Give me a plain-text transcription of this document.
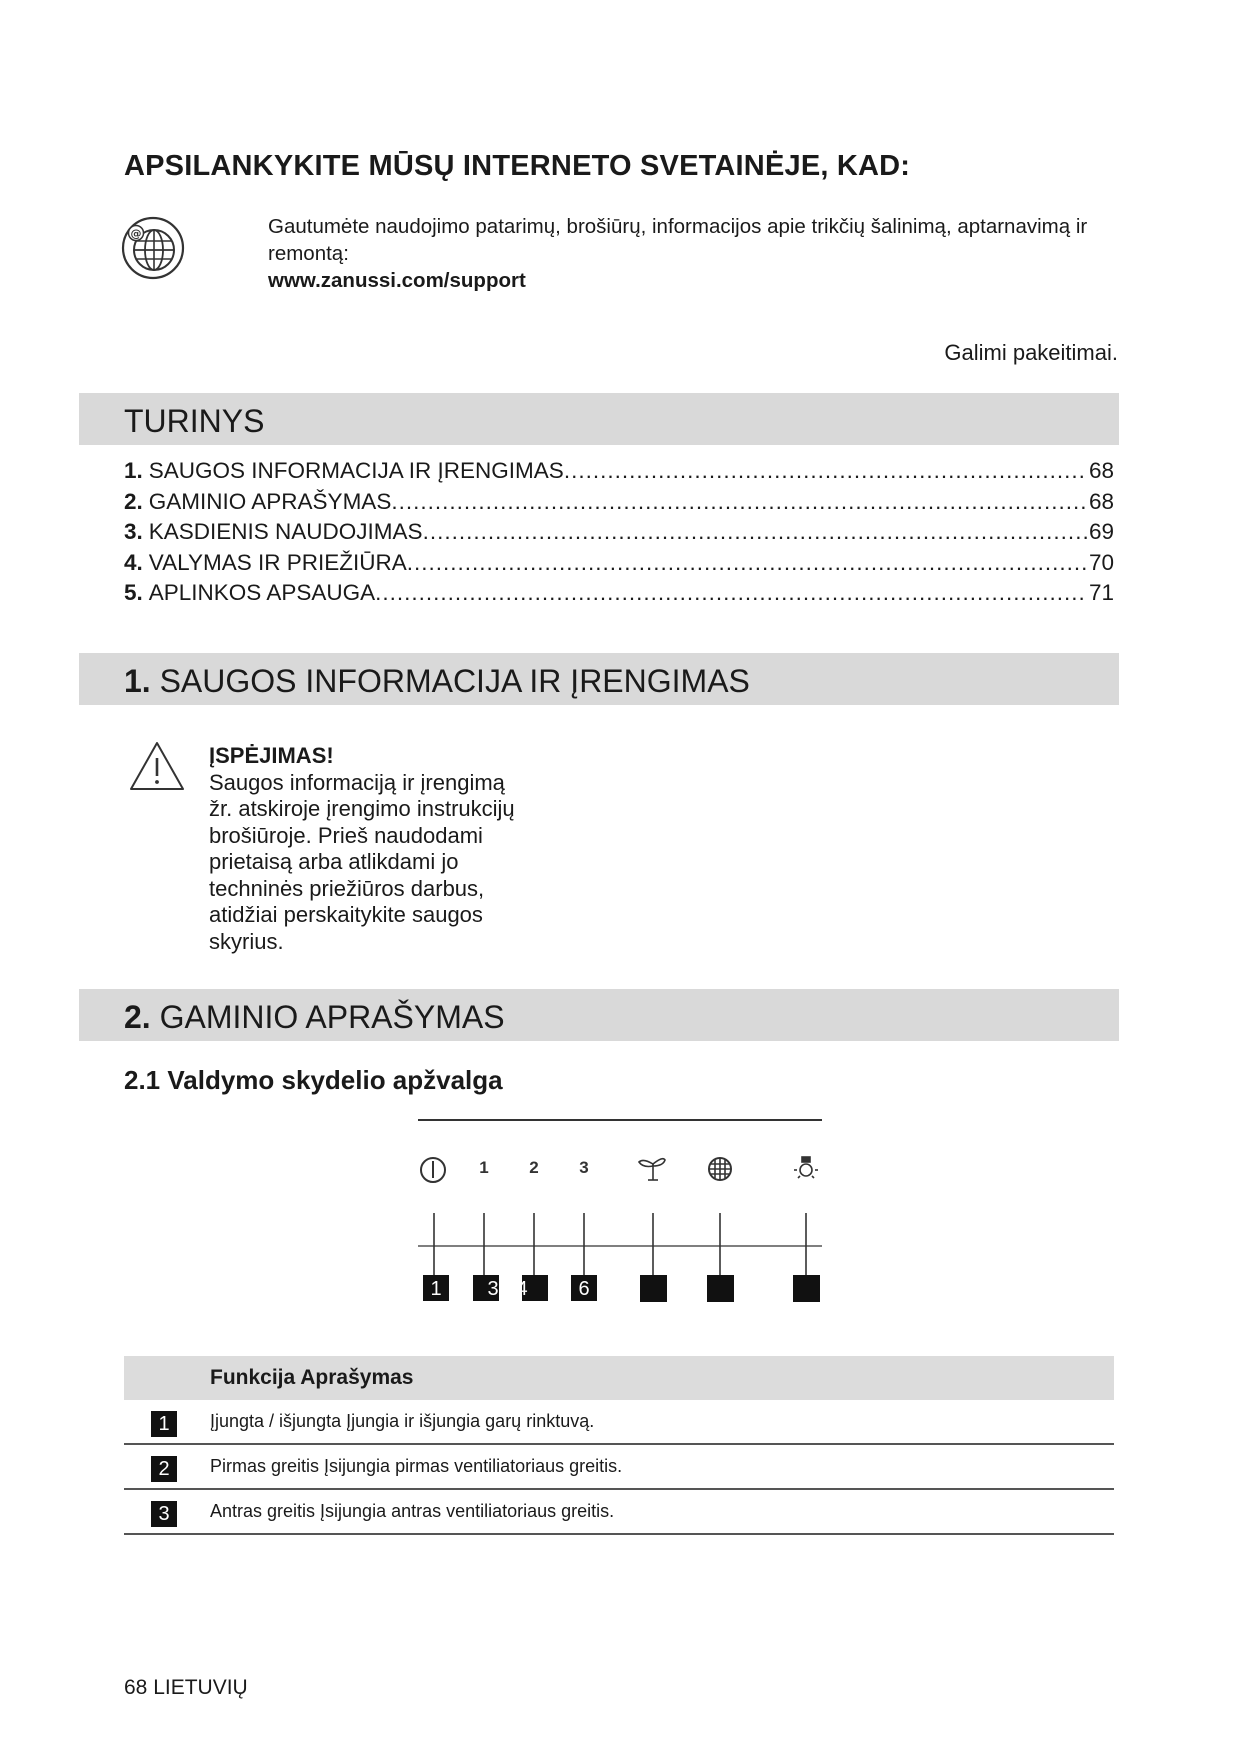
APSILANKYKITE MŪSŲ INTERNETO SVETAINĖJE, KAD:
@	Gautumėte naudojimo patarimų, brošiūrų, informacijos apie trikčių šalinimą, aptarnavimą ir remontą:
www.zanussi.com/support
Galimi pakeitimai.
TURINYS
1. SAUGOS INFORMACIJA IR ĮRENGIMAS .....	68
2. GAMINIO APRAŠYMAS .....	68
3. KASDIENIS NAUDOJIMAS .....	69
4. VALYMAS IR PRIEŽIŪRA .....	70
5. APLINKOS APSAUGA .....	71
1. SAUGOS INFORMACIJA IR ĮRENGIMAS
ĮSPĖJIMAS!
Saugos informaciją ir įrengimą
žr. atskiroje įrengimo instrukcijų
brošiūroje. Prieš naudodami
prietaisą arba atlikdami jo
techninės priežiūros darbus,
atidžiai perskaitykite saugos
skyrius.
2. GAMINIO APRAŠYMAS
2.1 Valdymo skydelio apžvalga
1 2 3
1 3 4	6
Funkcija Aprašymas
1	Įjungta / išjungta Įjungia ir išjungia garų rinktuvą.
2	Pirmas greitis Įsijungia pirmas ventiliatoriaus greitis.
3	Antras greitis Įsijungia antras ventiliatoriaus greitis.
68 LIETUVIŲ
